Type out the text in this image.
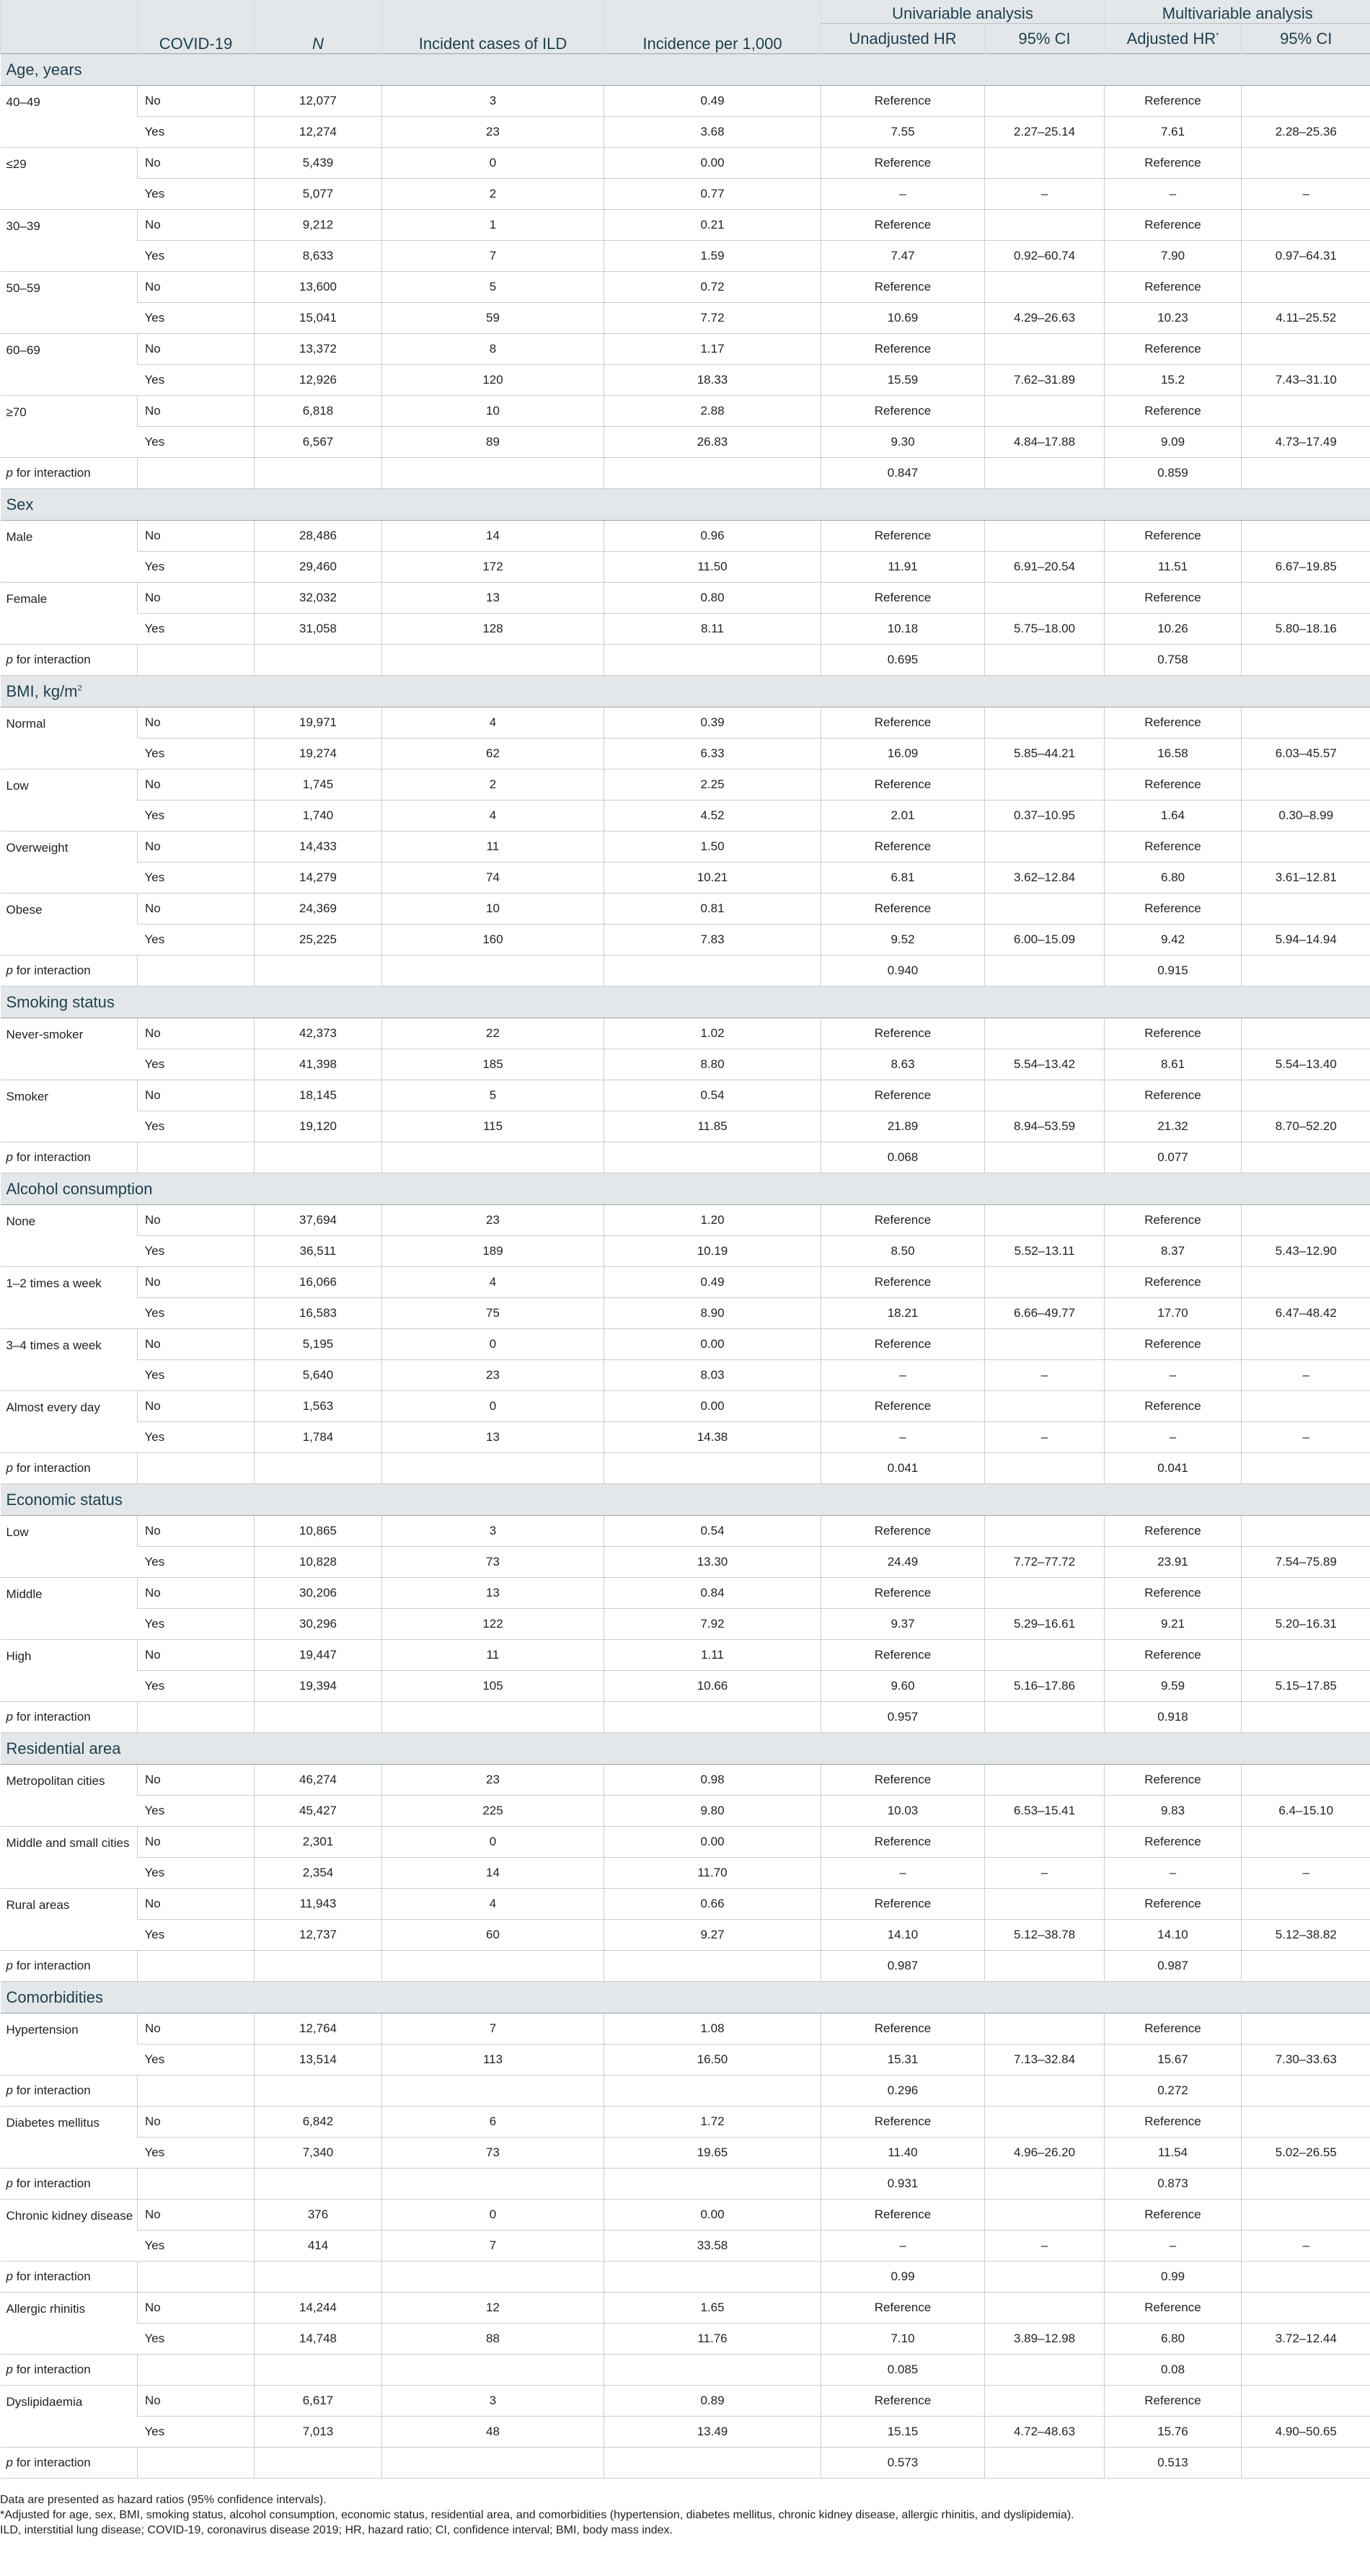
	COVID-19	N	Incident cases of ILD	Incidence per 1,000	Univariable analysis		Multivariable analysis	
					Unadjusted HR	95% CI	Adjusted HR*	95% CI
Age, years								
40–49	No	12,077	3	0.49	Reference		Reference	
	Yes	12,274	23	3.68	7.55	2.27–25.14	7.61	2.28–25.36
≤29	No	5,439	0	0.00	Reference		Reference	
	Yes	5,077	2	0.77	–	–	–	–
30–39	No	9,212	1	0.21	Reference		Reference	
	Yes	8,633	7	1.59	7.47	0.92–60.74	7.90	0.97–64.31
50–59	No	13,600	5	0.72	Reference		Reference	
	Yes	15,041	59	7.72	10.69	4.29–26.63	10.23	4.11–25.52
60–69	No	13,372	8	1.17	Reference		Reference	
	Yes	12,926	120	18.33	15.59	7.62–31.89	15.2	7.43–31.10
≥70	No	6,818	10	2.88	Reference		Reference	
	Yes	6,567	89	26.83	9.30	4.84–17.88	9.09	4.73–17.49
p for interaction					0.847		0.859	
Sex								
Male	No	28,486	14	0.96	Reference		Reference	
	Yes	29,460	172	11.50	11.91	6.91–20.54	11.51	6.67–19.85
Female	No	32,032	13	0.80	Reference		Reference	
	Yes	31,058	128	8.11	10.18	5.75–18.00	10.26	5.80–18.16
p for interaction					0.695		0.758	
BMI, $kg/m^2$
Normal	No	19,971	4	0.39	Reference		Reference	
	Yes	19,274	62	6.33	16.09	5.85–44.21	16.58	6.03–45.57
Low	No	1,745	2	2.25	Reference		Reference	
	Yes	1,740	4	4.52	2.01	0.37–10.95	1.64	0.30–8.99
Overweight	No	14,433	11	1.50	Reference		Reference	
	Yes	14,279	74	10.21	6.81	3.62–12.84	6.80	3.61–12.81
Obese	No	24,369	10	0.81	Reference		Reference	
	Yes	25,225	160	7.83	9.52	6.00–15.09	9.42	5.94–14.94
p for interaction					0.940		0.915	
Smoking status								
Never-smoker	No	42,373	22	1.02	Reference		Reference	
	Yes	41,398	185	8.80	8.63	5.54–13.42	8.61	5.54–13.40
Smoker	No	18,145	5	0.54	Reference		Reference	
	Yes	19,120	115	11.85	21.89	8.94–53.59	21.32	8.70–52.20
p for interaction					0.068		0.077	
Alcohol consumption								
None	No	37,694	23	1.20	Reference		Reference	
	Yes	36,511	189	10.19	8.50	5.52–13.11	8.37	5.43–12.90
1–2 times a week	No	16,066	4	0.49	Reference		Reference	
	Yes	16,583	75	8.90	18.21	6.66–49.77	17.70	6.47–48.42
3–4 times a week	No	5,195	0	0.00	Reference		Reference	
	Yes	5,640	23	8.03	–	–	–	–
Almost every day	No	1,563	0	0.00	Reference		Reference	
	Yes	1,784	13	14.38	–	–	–	–
p for interaction					0.041		0.041	
Economic status								
Low	No	10,865	3	0.54	Reference		Reference	
	Yes	10,828	73	13.30	24.49	7.72–77.72	23.91	7.54–75.89
Middle	No	30,206	13	0.84	Reference		Reference	
	Yes	30,296	122	7.92	9.37	5.29–16.61	9.21	5.20–16.31
High	No	19,447	11	1.11	Reference		Reference	
	Yes	19,394	105	10.66	9.60	5.16–17.86	9.59	5.15–17.85
p for interaction					0.957		0.918	
Residential area								
Metropolitan cities	No	46,274	23	0.98	Reference		Reference	
	Yes	45,427	225	9.80	10.03	6.53–15.41	9.83	6.4–15.10
Middle and small cities	No	2,301	0	0.00	Reference		Reference	
	Yes	2,354	14	11.70	–	–	–	–
Rural areas	No	11,943	4	0.66	Reference		Reference	
	Yes	12,737	60	9.27	14.10	5.12–38.78	14.10	5.12–38.82
p for interaction					0.987		0.987	
Comorbidities								
Hypertension	No	12,764	7	1.08	Reference		Reference	
	Yes	13,514	113	16.50	15.31	7.13–32.84	15.67	7.30–33.63
p for interaction					0.296		0.272	
Diabetes mellitus	No	6,842	6	1.72	Reference		Reference	
	Yes	7,340	73	19.65	11.40	4.96–26.20	11.54	5.02–26.55
p for interaction					0.931		0.873	
Chronic kidney disease	No	376	0	0.00	Reference		Reference	
	Yes	414	7	33.58	–	–	–	–
p for interaction					0.99		0.99	
Allergic rhinitis	No	14,244	12	1.65	Reference		Reference	
	Yes	14,748	88	11.76	7.10	3.89–12.98	6.80	3.72–12.44
p for interaction					0.085		0.08	
Dyslipidaemia	No	6,617	3	0.89	Reference		Reference	
	Yes	7,013	48	13.49	15.15	4.72–48.63	15.76	4.90–50.65
p for interaction					0.573		0.513	
Data are presented as hazard ratios (95% confidence intervals).
*Adjusted for age, sex, BMI, smoking status, alcohol consumption, economic status, residential area, and comorbidities (hypertension, diabetes mellitus, chronic kidney disease, allergic rhinitis, and dyslipidemia).
ILD, interstitial lung disease; COVID-19, coronavirus disease 2019; HR, hazard ratio; CI, confidence interval; BMI, body mass index.
